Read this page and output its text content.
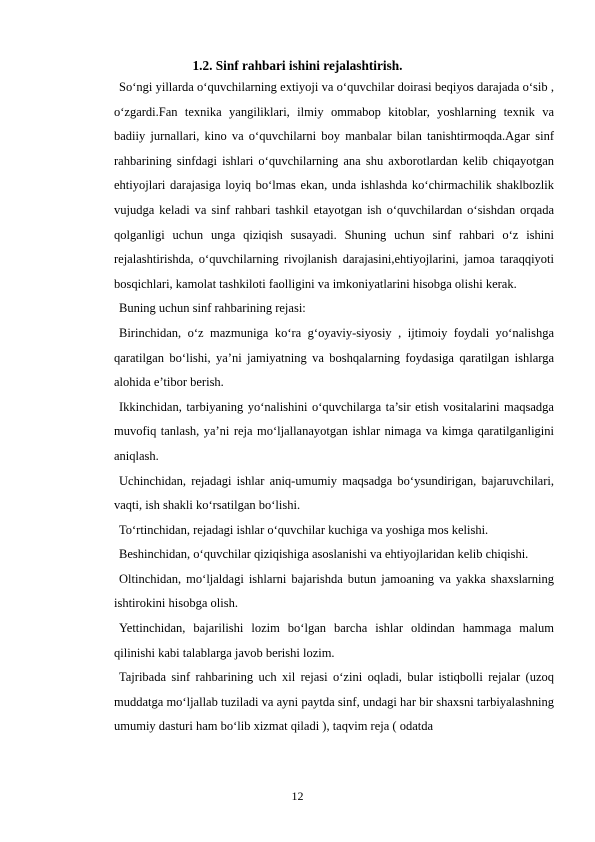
1.2. Sinf rahbari ishini rejalashtirish.

So‘ngi yillarda o‘quvchilarning extiyoji va o‘quvchilar doirasi beqiyos darajada o‘sib , o‘zgardi.Fan texnika yangiliklari, ilmiy ommabop kitoblar, yoshlarning texnik va badiiy jurnallari, kino va o‘quvchilarni boy manbalar bilan tanishtirmoqda.Agar sinf rahbarining sinfdagi ishlari o‘quvchilarning ana shu axborotlardan kelib chiqayotgan ehtiyojlari darajasiga loyiq bo‘lmas ekan, unda ishlashda ko‘chirmachilik shaklbozlik vujudga keladi va sinf rahbari tashkil etayotgan ish o‘quvchilardan o‘sishdan orqada qolganligi uchun unga qiziqish susayadi. Shuning uchun sinf rahbari o‘z ishini rejalashtirishda, o‘quvchilarning rivojlanish darajasini,ehtiyojlarini, jamoa taraqqiyoti bosqichlari, kamolat tashkiloti faolligini va imkoniyatlarini hisobga olishi kerak.

Buning uchun sinf rahbarining rejasi:

Birinchidan, o‘z mazmuniga ko‘ra g‘oyaviy-siyosiy , ijtimoiy foydali yo‘nalishga qaratilgan bo‘lishi, ya’ni jamiyatning va boshqalarning foydasiga qaratilgan ishlarga alohida e’tibor berish.

Ikkinchidan, tarbiyaning yo‘nalishini o‘quvchilarga ta’sir etish vositalarini maqsadga muvofiq tanlash, ya’ni reja mo‘ljallanayotgan ishlar nimaga va kimga qaratilganligini aniqlash.

Uchinchidan, rejadagi ishlar aniq-umumiy maqsadga bo‘ysundirigan, bajaruvchilari, vaqti, ish shakli ko‘rsatilgan bo‘lishi.

To‘rtinchidan, rejadagi ishlar o‘quvchilar kuchiga va yoshiga mos kelishi.

Beshinchidan, o‘quvchilar qiziqishiga asoslanishi va ehtiyojlaridan kelib chiqishi.

Oltinchidan, mo‘ljaldagi ishlarni bajarishda butun jamoaning va yakka shaxslarning ishtirokini hisobga olish.

Yettinchidan, bajarilishi lozim bo‘lgan barcha ishlar oldindan hammaga malum qilinishi kabi talablarga javob berishi lozim.

Tajribada sinf rahbarining uch xil rejasi o‘zini oqladi, bular istiqbolli rejalar (uzoq muddatga mo‘ljallab tuziladi va ayni paytda sinf, undagi har bir shaxsni tarbiyalashning umumiy dasturi ham bo‘lib xizmat qiladi ), taqvim reja ( odatda

12
